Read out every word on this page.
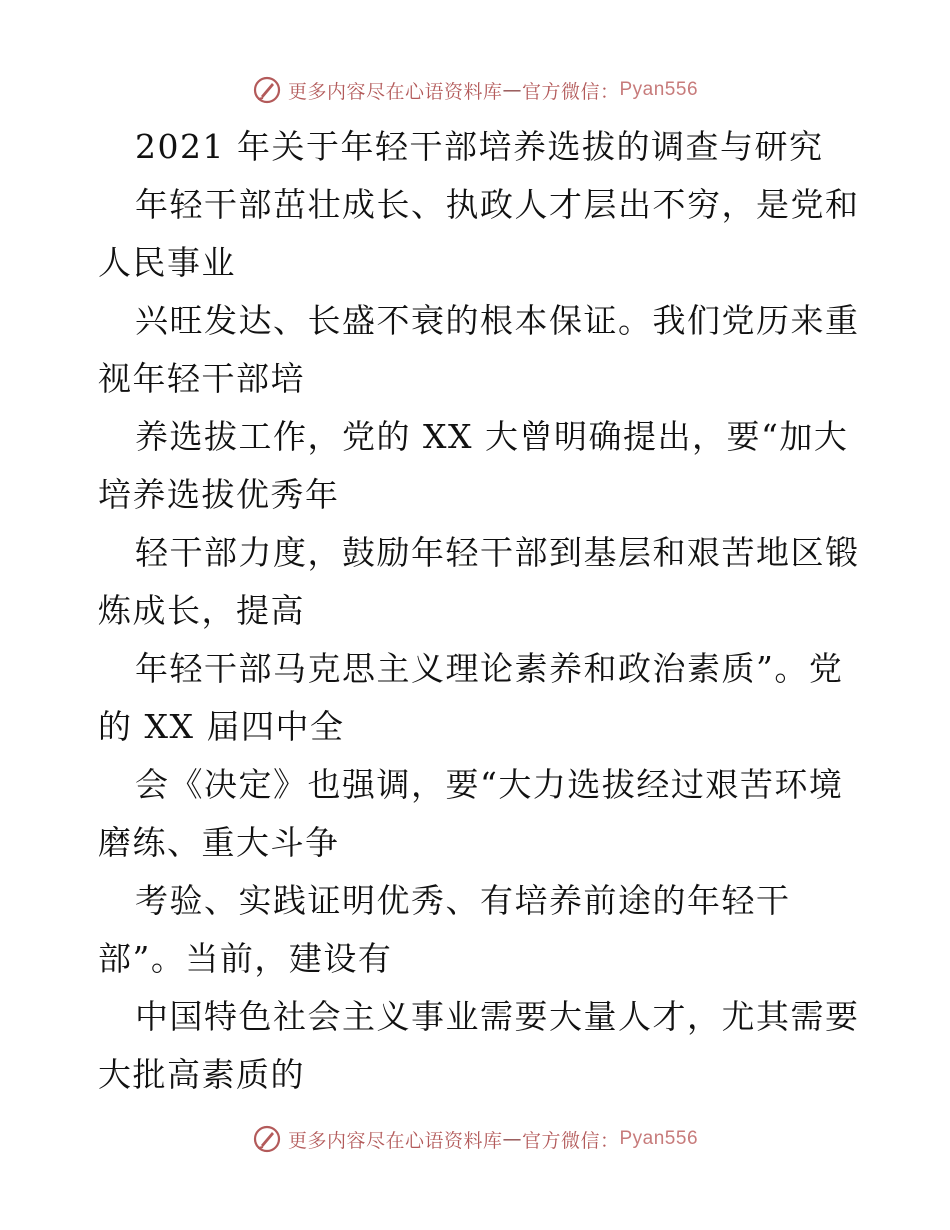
更多内容尽在心语资料库 — 官方微信： Pyan556
2021 年关于年轻干部培养选拔的调查与研究
年轻干部茁壮成长、执政人才层出不穷，是党和
人民事业
兴旺发达、长盛不衰的根本保证。我们党历来重
视年轻干部培
养选拔工作，党的 XX 大曾明确提出，要“加大
培养选拔优秀年
轻干部力度，鼓励年轻干部到基层和艰苦地区锻
炼成长，提高
年轻干部马克思主义理论素养和政治素质”。党
的 XX 届四中全
会《决定》也强调，要“大力选拔经过艰苦环境
磨练、重大斗争
考验、实践证明优秀、有培养前途的年轻干
部”。当前，建设有
中国特色社会主义事业需要大量人才，尤其需要
大批高素质的
更多内容尽在心语资料库 — 官方微信： Pyan556
